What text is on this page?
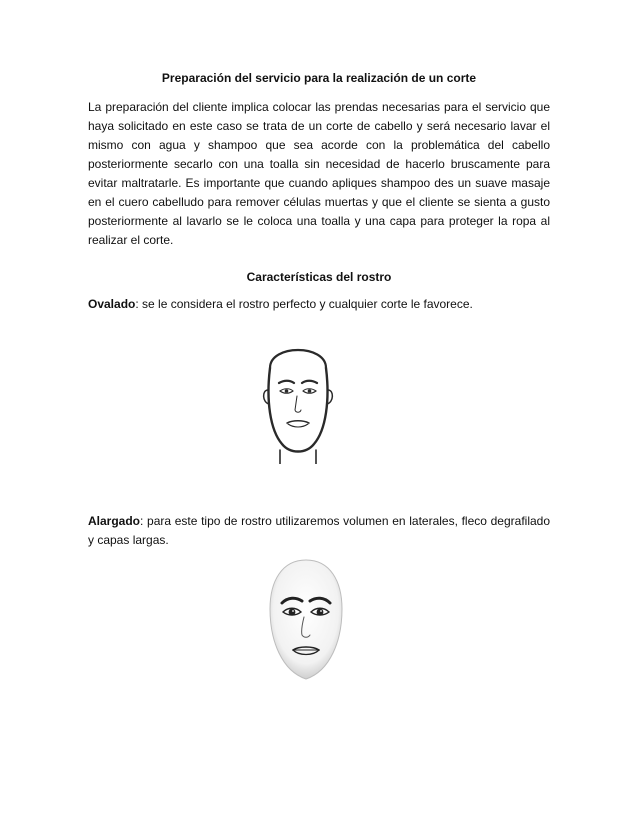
Preparación del servicio para la realización de un corte

La preparación del cliente implica colocar las prendas necesarias para el servicio que haya solicitado en este caso se trata de un corte de cabello y será necesario lavar el mismo con agua y shampoo que sea acorde con la problemática del cabello posteriormente secarlo con una toalla sin necesidad de hacerlo bruscamente para evitar maltratarle. Es importante que cuando apliques shampoo des un suave masaje en el cuero cabelludo para remover células muertas y que el cliente se sienta a gusto posteriormente al lavarlo se le coloca una toalla y una capa para proteger la ropa al realizar el corte.

Características del rostro

Ovalado: se le considera el rostro perfecto y cualquier corte le favorece.

Alargado: para este tipo de rostro utilizaremos volumen en laterales, fleco degrafilado y capas largas.
